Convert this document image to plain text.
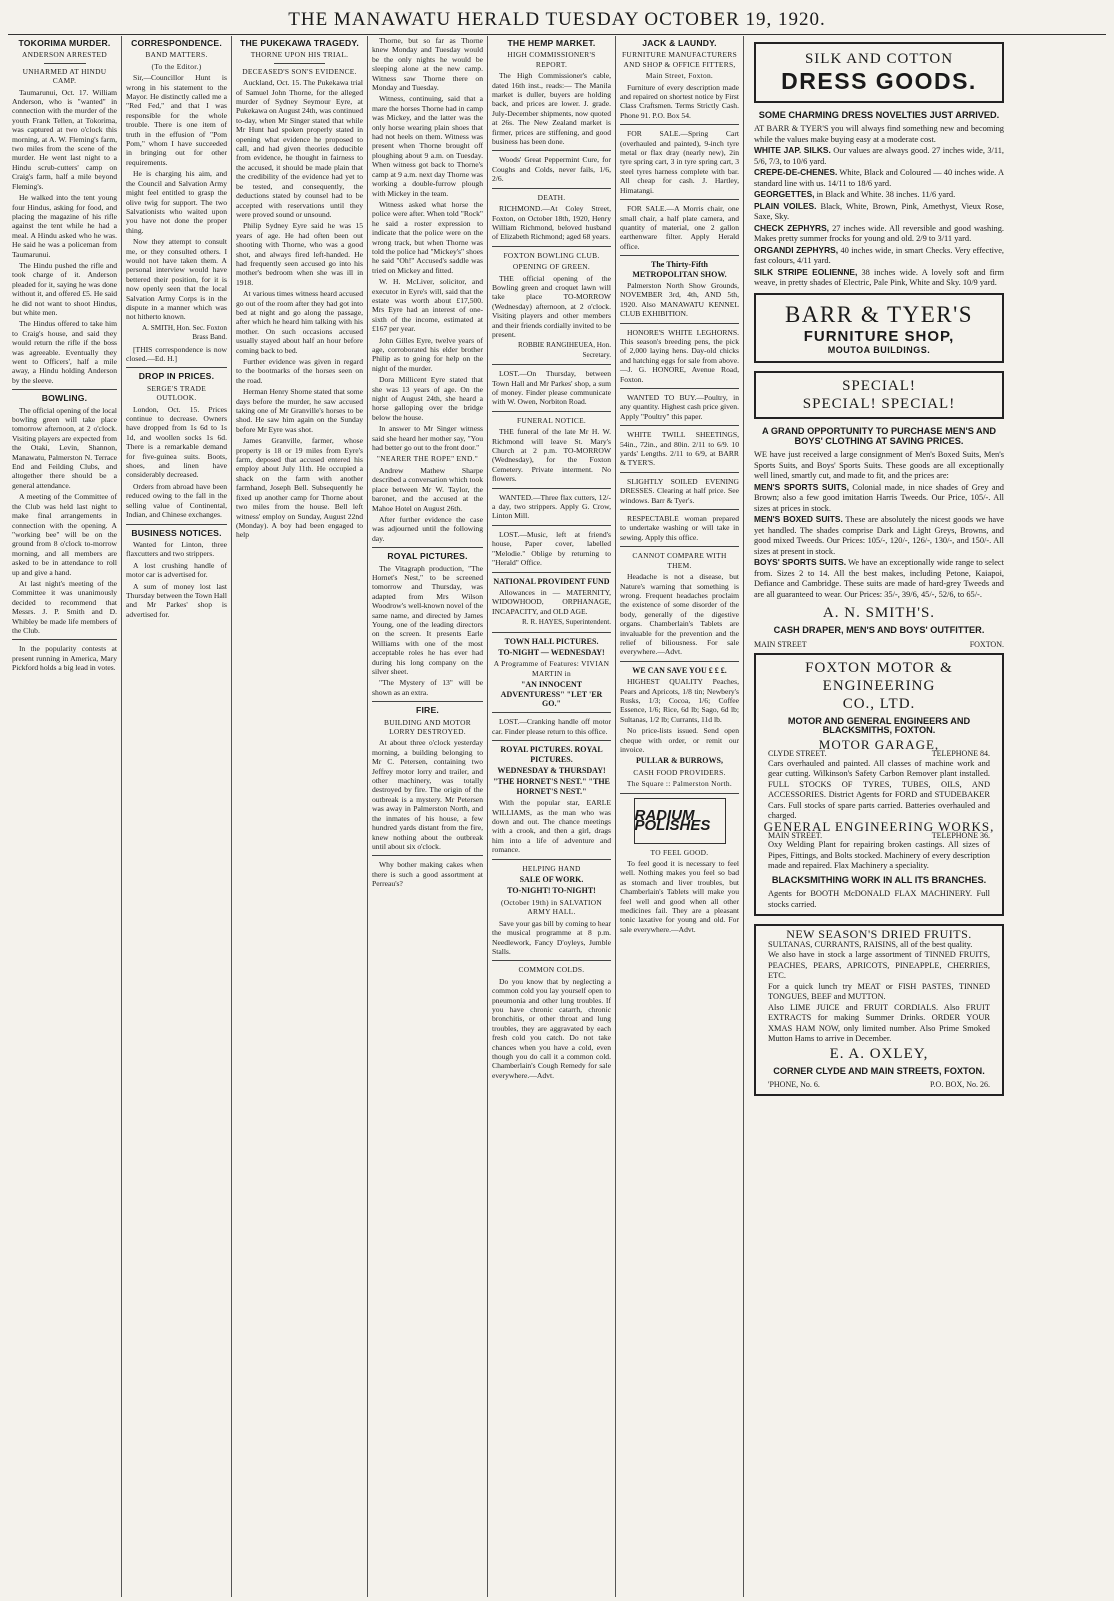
THE MANAWATU HERALD TUESDAY OCTOBER 19, 1920.
TOKORIMA MURDER.
ANDERSON ARRESTED
UNHARMED AT HINDU CAMP.

Taumarunui, Oct. 17. William Anderson, who is "wanted" in connection with the murder of the youth Frank Tellen, at Tokorima, was captured at two o'clock this morning, at A. W. Fleming's farm, two miles from the scene of the murder. He went last night to a Hindu scrub-cutters' camp on Craig's farm, half a mile beyond Fleming's.

He walked into the tent young four Hindus, asking for food, and placing the magazine of his rifle against the tent while he had a meal. A Hindu asked who he was. He said he was a policeman from Taumarunui.

The Hindu pushed the rifle and took charge of it. Anderson pleaded for it, saying he was done without it, and offered £5. He said he did not want to shoot Hindus, but white men.

The Hindus offered to take him to Craig's house, and said they would return the rifle if the boss was agreeable. Eventually they went to Officers', half a mile away, a Hindu holding Anderson by the sleeve.

BOWLING.

The official opening of the local bowling green will take place tomorrow afternoon, at 2 o'clock. Visiting players are expected from the Otaki, Levin, Shannon, Manawatu, Palmerston N. Terrace End and Feilding Clubs, and altogether there should be a general attendance.

A meeting of the Committee of the Club was held last night to make final arrangements in connection with the opening. A "working bee" will be on the ground from 8 o'clock to-morrow morning, and all members are asked to be in attendance to roll up and give a hand.

At last night's meeting of the Committee it was unanimously decided to recommend that Messrs. J. P. Smith and D. Whibley be made life members of the Club.

In the popularity contests at present running in America, Mary Pickford holds a big lead in votes.

CORRESPONDENCE.
BAND MATTERS.
(To the Editor.)

Sir,—Councillor Hunt is wrong in his statement to the Mayor. He distinctly called me a "Red Fed," and that I was responsible for the whole trouble. There is one item of truth in the effusion of "Pom Pom," whom I have succeeded in bringing out for other requirements.

He is charging his aim, and the Council and Salvation Army might feel entitled to grasp the olive twig for support. The two Salvationists who waited upon you have not done the proper thing.

Now they attempt to consult me, or they consulted others. I would not have taken them. A personal interview would have bettered their position, for it is now openly seen that the local Salvation Army Corps is in the dispute in a manner which was not hitherto known.

A. SMITH, Hon. Sec. Foxton Brass Band.

[THIS correspondence is now closed.—Ed. H.]

DROP IN PRICES.
SERGE'S TRADE OUTLOOK.

London, Oct. 15. Prices continue to decrease. Owners have dropped from 1s 6d to 1s 1d, and woollen socks 1s 6d. There is a remarkable demand for five-guinea suits. Boots, shoes, and linen have considerably decreased.

Orders from abroad have been reduced owing to the fall in the selling value of Continental, Indian, and Chinese exchanges.

BUSINESS NOTICES.

Wanted for Linton, three flaxcutters and two strippers.

A lost crushing handle of motor car is advertised for.

A sum of money lost last Thursday between the Town Hall and Mr Parkes' shop is advertised for.

THE PUKEKAWA TRAGEDY.
THORNE UPON HIS TRIAL.
DECEASED'S SON'S EVIDENCE.

Auckland, Oct. 15. The Pukekawa trial of Samuel John Thorne, for the alleged murder of Sydney Seymour Eyre, at Pukekawa on August 24th, was continued to-day, when Mr Singer stated that while Mr Hunt had spoken properly stated in opening what evidence he proposed to call, and had given theories deducible from evidence, he thought in fairness to the accused, it should be made plain that the credibility of the evidence had yet to be tested, and consequently, the deductions stated by counsel had to be accepted with reservations until they were proved sound or unsound.

Philip Sydney Eyre said he was 15 years of age. He had often been out shooting with Thorne, who was a good shot, and always fired left-handed. He had frequently seen accused go into his mother's bedroom when she was ill in 1918.

At various times witness heard accused go out of the room after they had got into bed at night and go along the passage, after which he heard him talking with his mother. On such occasions accused usually stayed about half an hour before coming back to bed.

Further evidence was given in regard to the bootmarks of the horses seen on the road.

Herman Henry Shorne stated that some days before the murder, he saw accused taking one of Mr Granville's horses to be shod. He saw him again on the Sunday before Mr Eyre was shot.

James Granville, farmer, whose property is 18 or 19 miles from Eyre's farm, deposed that accused entered his employ about July 11th. He occupied a shack on the farm with another farmhand, Joseph Bell. Subsequently he fixed up another camp for Thorne about two miles from the house. Bell left witness' employ on Sunday, August 22nd (Monday). A boy had been engaged to help

Thorne, but so far as Thorne knew Monday and Tuesday would be the only nights he would be sleeping alone at the new camp. Witness saw Thorne there on Monday and Tuesday.

Witness, continuing, said that a mare the horses Thorne had in camp was Mickey, and the latter was the only horse wearing plain shoes that had not heels on them. Witness was present when Thorne brought off ploughing about 9 a.m. on Tuesday. When witness got back to Thorne's camp at 9 a.m. next day Thorne was working a double-furrow plough with Mickey in the team.

Witness asked what horse the police were after. When told "Rock" he said a roster expression to indicate that the police were on the wrong track, but when Thorne was told the police had "Mickey's" shoes he said "Oh!" Accused's saddle was tried on Mickey and fitted.

W. H. McLiver, solicitor, and executor in Eyre's will, said that the estate was worth about £17,500. Mrs Eyre had an interest of one-sixth of the income, estimated at £167 per year.

John Gilles Eyre, twelve years of age, corroborated his elder brother Philip as to going for help on the night of the murder.

Dora Millicent Eyre stated that she was 13 years of age. On the night of August 24th, she heard a horse galloping over the bridge below the house.

In answer to Mr Singer witness said she heard her mother say, "You had better go out to the front door."

"NEARER THE ROPE" END."

Andrew Mathew Sharpe described a conversation which took place between Mr W. Taylor, the baronet, and the accused at the Mahoe Hotel on August 26th.

After further evidence the case was adjourned until the following day.

ROYAL PICTURES.

The Vitagraph production, "The Hornet's Nest," to be screened tomorrow and Thursday, was adapted from Mrs Wilson Woodrow's well-known novel of the same name, and directed by James Young, one of the leading directors on the screen. It presents Earle Williams with one of the most acceptable roles he has ever had during his long company on the silver sheet.

"The Mystery of 13" will be shown as an extra.

FIRE.
BUILDING AND MOTOR LORRY DESTROYED.

At about three o'clock yesterday morning, a building belonging to Mr C. Petersen, containing two Jeffrey motor lorry and trailer, and other machinery, was totally destroyed by fire. The origin of the outbreak is a mystery. Mr Petersen was away in Palmerston North, and the inmates of his house, a few hundred yards distant from the fire, knew nothing about the outbreak until about six o'clock.

Why bother making cakes when there is such a good assortment at Perreau's?

THE HEMP MARKET.
HIGH COMMISSIONER'S REPORT.

The High Commissioner's cable, dated 16th inst., reads:— The Manila market is duller, buyers are holding back, and prices are lower. J. grade. July-December shipments, now quoted at 26s. The New Zealand market is firmer, prices are stiffening, and good business has been done.

Woods' Great Peppermint Cure, for Coughs and Colds, never fails, 1/6, 2/6.

DEATH.

RICHMOND.—At Coley Street, Foxton, on October 18th, 1920, Henry William Richmond, beloved husband of Elizabeth Richmond; aged 68 years.

FOXTON BOWLING CLUB.
OPENING OF GREEN.

THE official opening of the Bowling green and croquet lawn will take place TO-MORROW (Wednesday) afternoon, at 2 o'clock. Visiting players and other members and their friends cordially invited to be present.

ROBBIE RANGIHEUEA, Hon. Secretary.

LOST.—On Thursday, between Town Hall and Mr Parkes' shop, a sum of money. Finder please communicate with W. Owen, Norbiton Road.

FUNERAL NOTICE.

THE funeral of the late Mr H. W. Richmond will leave St. Mary's Church at 2 p.m. TO-MORROW (Wednesday), for the Foxton Cemetery. Private interment. No flowers.

WANTED.—Three flax cutters, 12/- a day, two strippers. Apply G. Crow, Linton Mill.

LOST.—Music, left at friend's house, Paper cover, labelled "Melodie." Oblige by returning to "Herald" Office.

NATIONAL PROVIDENT FUND

Allowances in — MATERNITY, WIDOWHOOD, ORPHANAGE, INCAPACITY, and OLD AGE.

R. R. HAYES, Superintendent.
TOWN HALL PICTURES.
TO-NIGHT — WEDNESDAY!
A Programme of Features: VIVIAN MARTIN in
"AN INNOCENT ADVENTURESS" "LET 'ER GO."

LOST.—Cranking handle off motor car. Finder please return to this office.

ROYAL PICTURES. ROYAL PICTURES.
WEDNESDAY & THURSDAY!
"THE HORNET'S NEST." "THE HORNET'S NEST."

With the popular star, EARLE WILLIAMS, as the man who was down and out. The chance meetings with a crook, and then a girl, drags him into a life of adventure and romance.

HELPING HAND
SALE OF WORK.
TO-NIGHT! TO-NIGHT!
(October 19th) in SALVATION ARMY HALL.

Save your gas bill by coming to hear the musical programme at 8 p.m. Needlework, Fancy D'oyleys, Jumble Stalls.

COMMON COLDS.

Do you know that by neglecting a common cold you lay yourself open to pneumonia and other lung troubles. If you have chronic catarrh, chronic bronchitis, or other throat and lung troubles, they are aggravated by each fresh cold you catch. Do not take chances when you have a cold, even though you do call it a common cold. Chamberlain's Cough Remedy for sale everywhere.—Advt.

JACK & LAUNDY.
FURNITURE MANUFACTURERS AND SHOP & OFFICE FITTERS,
Main Street, Foxton.

Furniture of every description made and repaired on shortest notice by First Class Craftsmen. Terms Strictly Cash. Phone 91. P.O. Box 54.

FOR SALE.—Spring Cart (overhauled and painted), 9-inch tyre metal or flax dray (nearly new), 2in tyre spring cart, 3 in tyre spring cart, 3 steel tyres harness complete with bar. All cheap for cash. J. Hartley, Himatangi.

FOR SALE.—A Morris chair, one small chair, a half plate camera, and quantity of material, one 2 gallon earthenware filter. Apply Herald office.

The Thirty-Fifth METROPOLITAN SHOW.

Palmerston North Show Grounds, NOVEMBER 3rd, 4th, AND 5th, 1920. Also MANAWATU KENNEL CLUB EXHIBITION.

HONORE'S WHITE LEGHORNS. This season's breeding pens, the pick of 2,000 laying hens. Day-old chicks and hatching eggs for sale from above.—J. G. HONORE, Avenue Road, Foxton.

WANTED TO BUY.—Poultry, in any quantity. Highest cash price given. Apply "Poultry" this paper.

WHITE TWILL SHEETINGS, 54in., 72in., and 80in. 2/11 to 6/9. 10 yards' Lengths. 2/11 to 6/9, at BARR & TYER'S.

SLIGHTLY SOILED EVENING DRESSES. Clearing at half price. See windows. Barr & Tyer's.

RESPECTABLE woman prepared to undertake washing or will take in sewing. Apply this office.

CANNOT COMPARE WITH THEM.

Headache is not a disease, but Nature's warning that something is wrong. Frequent headaches proclaim the existence of some disorder of the body, generally of the digestive organs. Chamberlain's Tablets are invaluable for the prevention and the relief of biliousness. For sale everywhere.—Advt.

WE CAN SAVE YOU £ £ £.

HIGHEST QUALITY Peaches, Pears and Apricots, 1/8 tin; Newbery's Rusks, 1/3; Cocoa, 1/6; Coffee Essence, 1/6; Rice, 6d lb; Sago, 6d lb; Sultanas, 1/2 lb; Currants, 11d lb.

No price-lists issued. Send open cheque with order, or remit our invoice.

PULLAR & BURROWS,
CASH FOOD PROVIDERS.
The Square :: Palmerston North.
RADIUM POLISHES
TO FEEL GOOD.

To feel good it is necessary to feel well. Nothing makes you feel so bad as stomach and liver troubles, but Chamberlain's Tablets will make you feel well and good when all other medicines fail. They are a pleasant tonic laxative for young and old. For sale everywhere.—Advt.

SILK AND COTTON
DRESS GOODS.
SOME CHARMING DRESS NOVELTIES JUST ARRIVED.
AT BARR & TYER'S you will always find something new and becoming while the values make buying easy at a moderate cost.
WHITE JAP. SILKS. Our values are always good. 27 inches wide, 3/11, 5/6, 7/3, to 10/6 yard.
CREPE-DE-CHENES. White, Black and Coloured — 40 inches wide. A standard line with us. 14/11 to 18/6 yard.
GEORGETTES, in Black and White. 38 inches. 11/6 yard.
PLAIN VOILES. Black, White, Brown, Pink, Amethyst, Vieux Rose, Saxe, Sky.
CHECK ZEPHYRS, 27 inches wide. All reversible and good washing. Makes pretty summer frocks for young and old. 2/9 to 3/11 yard.
ORGANDI ZEPHYRS, 40 inches wide, in smart Checks. Very effective, fast colours, 4/11 yard.
SILK STRIPE EOLIENNE, 38 inches wide. A lovely soft and firm weave, in pretty shades of Electric, Pale Pink, White and Sky. 10/9 yard.
BARR & TYER'S
FURNITURE SHOP,
MOUTOA BUILDINGS.
SPECIAL!
SPECIAL! SPECIAL!
A GRAND OPPORTUNITY TO PURCHASE MEN'S AND BOYS' CLOTHING AT SAVING PRICES.
WE have just received a large consignment of Men's Boxed Suits, Men's Sports Suits, and Boys' Sports Suits. These goods are all exceptionally well lined, smartly cut, and made to fit, and the prices are:
MEN'S SPORTS SUITS, Colonial made, in nice shades of Grey and Brown; also a few good imitation Harris Tweeds. Our Price, 105/-. All sizes at prices in stock.
MEN'S BOXED SUITS. These are absolutely the nicest goods we have yet handled. The shades comprise Dark and Light Greys, Browns, and good mixed Tweeds. Our Prices: 105/-, 120/-, 126/-, 130/-, and 150/-. All sizes at present in stock.
BOYS' SPORTS SUITS. We have an exceptionally wide range to select from. Sizes 2 to 14. All the best makes, including Petone, Kaiapoi, Defiance and Cambridge. These suits are made of hard-grey Tweeds and are all guaranteed to wear. Our Prices: 35/-, 39/6, 45/-, 52/6, to 65/-.
A. N. SMITH'S.
CASH DRAPER, MEN'S AND BOYS' OUTFITTER.
MAIN STREET	FOXTON.
FOXTON MOTOR &
ENGINEERING
CO., LTD.
MOTOR AND GENERAL ENGINEERS AND BLACKSMITHS, FOXTON.
MOTOR GARAGE,
CLYDE STREET.	TELEPHONE 84.
Cars overhauled and painted. All classes of machine work and gear cutting. Wilkinson's Safety Carbon Remover plant installed. FULL STOCKS OF TYRES, TUBES, OILS, AND ACCESSORIES. District Agents for FORD and STUDEBAKER Cars. Full stocks of spare parts carried. Batteries overhauled and charged.
GENERAL ENGINEERING WORKS,
MAIN STREET.	TELEPHONE 36.
Oxy Welding Plant for repairing broken castings. All sizes of Pipes, Fittings, and Bolts stocked. Machinery of every description made and repaired. Flax Machinery a speciality.
BLACKSMITHING WORK IN ALL ITS BRANCHES.
Agents for BOOTH McDONALD FLAX MACHINERY. Full stocks carried.
NEW SEASON'S DRIED FRUITS.
SULTANAS, CURRANTS, RAISINS, all of the best quality.
We also have in stock a large assortment of TINNED FRUITS, PEACHES, PEARS, APRICOTS, PINEAPPLE, CHERRIES, ETC.
For a quick lunch try MEAT or FISH PASTES, TINNED TONGUES, BEEF and MUTTON.
Also LIME JUICE and FRUIT CORDIALS. Also FRUIT EXTRACTS for making Summer Drinks. ORDER YOUR XMAS HAM NOW, only limited number. Also Prime Smoked Mutton Hams to arrive in December.
E. A. OXLEY,
CORNER CLYDE AND MAIN STREETS, FOXTON.
'PHONE, No. 6.	P.O. BOX, No. 26.
